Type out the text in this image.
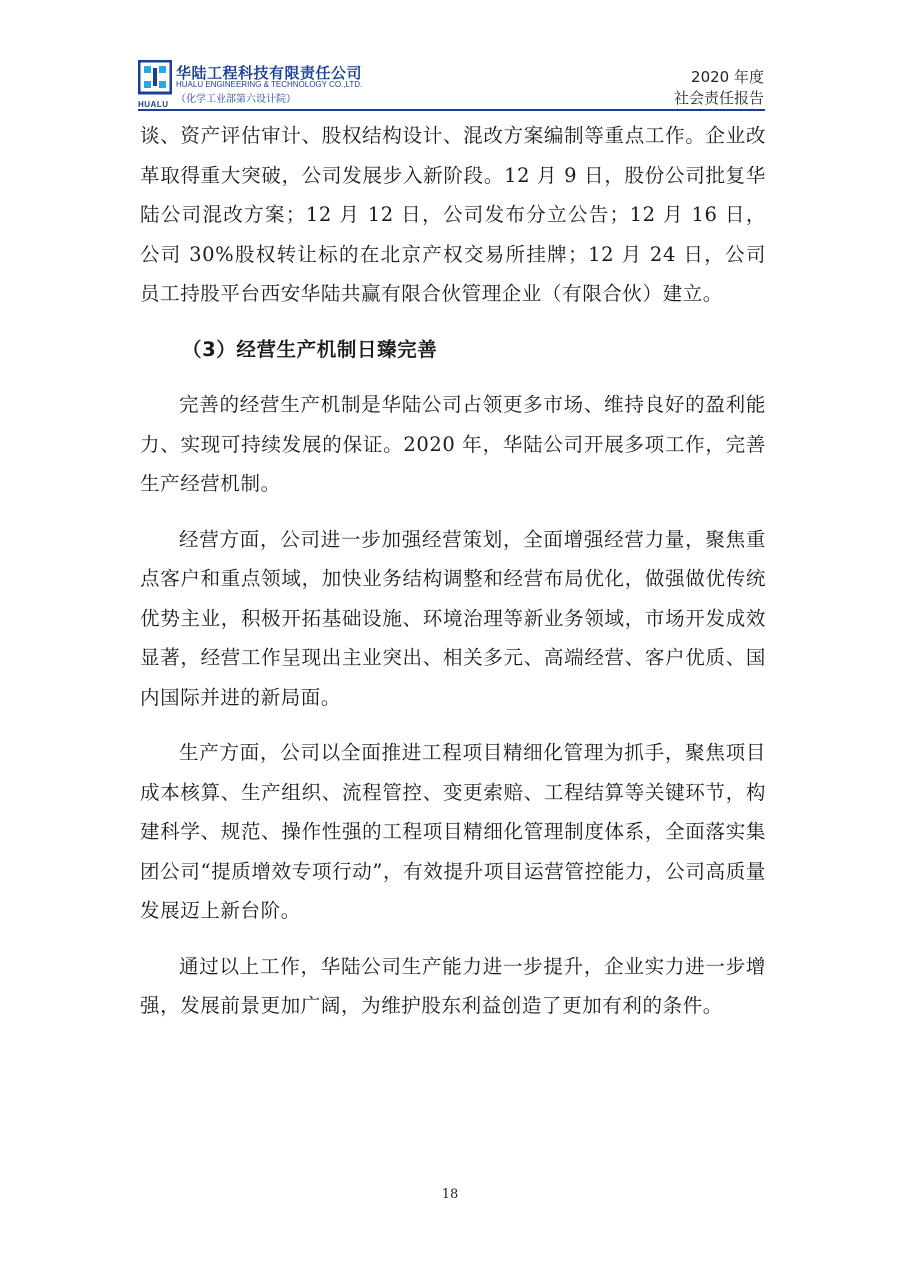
华陆工程科技有限责任公司
HUALU ENGINEERING & TECHNOLOGY CO.,LTD.
（化学工业部第六设计院）
HUALU
2020 年度
社会责任报告

谈、资产评估审计、股权结构设计、混改方案编制等重点工作。企业改革取得重大突破，公司发展步入新阶段。12 月 9 日，股份公司批复华陆公司混改方案；12 月 12 日，公司发布分立公告；12 月 16 日，公司 30%股权转让标的在北京产权交易所挂牌；12 月 24 日，公司员工持股平台西安华陆共赢有限合伙管理企业（有限合伙）建立。

（3）经营生产机制日臻完善

完善的经营生产机制是华陆公司占领更多市场、维持良好的盈利能力、实现可持续发展的保证。2020 年，华陆公司开展多项工作，完善生产经营机制。

经营方面，公司进一步加强经营策划，全面增强经营力量，聚焦重点客户和重点领域，加快业务结构调整和经营布局优化，做强做优传统优势主业，积极开拓基础设施、环境治理等新业务领域，市场开发成效显著，经营工作呈现出主业突出、相关多元、高端经营、客户优质、国内国际并进的新局面。

生产方面，公司以全面推进工程项目精细化管理为抓手，聚焦项目成本核算、生产组织、流程管控、变更索赔、工程结算等关键环节，构建科学、规范、操作性强的工程项目精细化管理制度体系，全面落实集团公司“提质增效专项行动”，有效提升项目运营管控能力，公司高质量发展迈上新台阶。

通过以上工作，华陆公司生产能力进一步提升，企业实力进一步增强，发展前景更加广阔，为维护股东利益创造了更加有利的条件。

18
